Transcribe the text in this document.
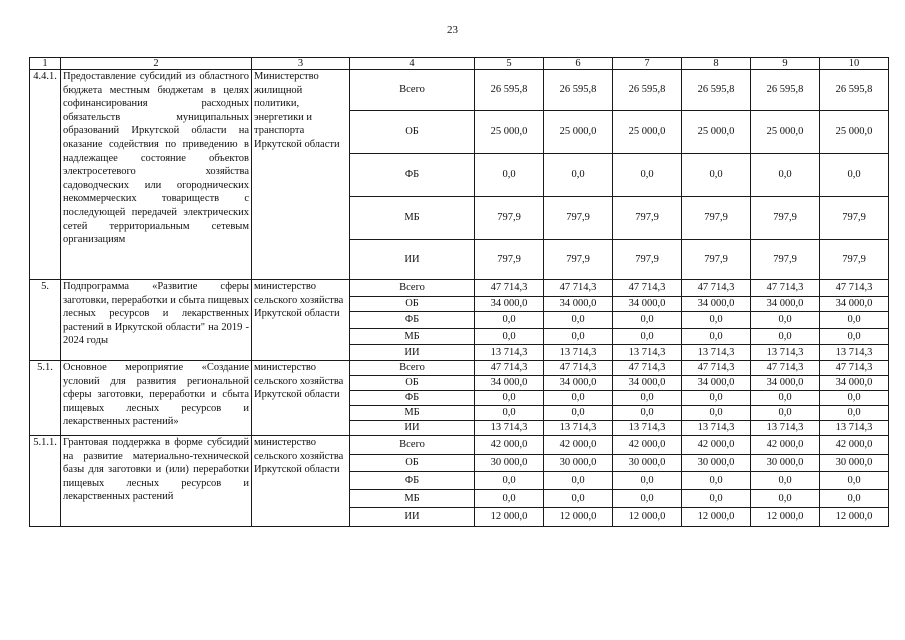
23
1	2	3	4	5	6	7	8	9	10
4.4.1.	Предоставление субсидий из областного бюджета местным бюджетам в целях софинансирования расходных обязательств муниципальных образований Иркутской области на оказание содействия по приведению в надлежащее состояние объектов электросетевого хозяйства садоводческих или огороднических некоммерческих товариществ с последующей передачей электрических сетей территориальным сетевым организациям	Министерство жилищной политики, энергетики и транспорта Иркутской области	Всего	26 595,8	26 595,8	26 595,8	26 595,8	26 595,8	26 595,8
			ОБ	25 000,0	25 000,0	25 000,0	25 000,0	25 000,0	25 000,0
			ФБ	0,0	0,0	0,0	0,0	0,0	0,0
			МБ	797,9	797,9	797,9	797,9	797,9	797,9
			ИИ	797,9	797,9	797,9	797,9	797,9	797,9
5.	Подпрограмма «Развитие сферы заготовки, переработки и сбыта пищевых лесных ресурсов и лекарственных растений в Иркутской области" на 2019 - 2024 годы	министерство сельского хозяйства Иркутской области	Всего	47 714,3	47 714,3	47 714,3	47 714,3	47 714,3	47 714,3
			ОБ	34 000,0	34 000,0	34 000,0	34 000,0	34 000,0	34 000,0
			ФБ	0,0	0,0	0,0	0,0	0,0	0,0
			МБ	0,0	0,0	0,0	0,0	0,0	0,0
			ИИ	13 714,3	13 714,3	13 714,3	13 714,3	13 714,3	13 714,3
5.1.	Основное мероприятие «Создание условий для развития региональной сферы заготовки, переработки и сбыта пищевых лесных ресурсов и лекарственных растений»	министерство сельского хозяйства Иркутской области	Всего	47 714,3	47 714,3	47 714,3	47 714,3	47 714,3	47 714,3
			ОБ	34 000,0	34 000,0	34 000,0	34 000,0	34 000,0	34 000,0
			ФБ	0,0	0,0	0,0	0,0	0,0	0,0
			МБ	0,0	0,0	0,0	0,0	0,0	0,0
			ИИ	13 714,3	13 714,3	13 714,3	13 714,3	13 714,3	13 714,3
5.1.1.	Грантовая поддержка в форме субсидий на развитие материально-технической базы для заготовки и (или) переработки пищевых лесных ресурсов и лекарственных растений	министерство сельского хозяйства Иркутской области	Всего	42 000,0	42 000,0	42 000,0	42 000,0	42 000,0	42 000,0
			ОБ	30 000,0	30 000,0	30 000,0	30 000,0	30 000,0	30 000,0
			ФБ	0,0	0,0	0,0	0,0	0,0	0,0
			МБ	0,0	0,0	0,0	0,0	0,0	0,0
			ИИ	12 000,0	12 000,0	12 000,0	12 000,0	12 000,0	12 000,0
